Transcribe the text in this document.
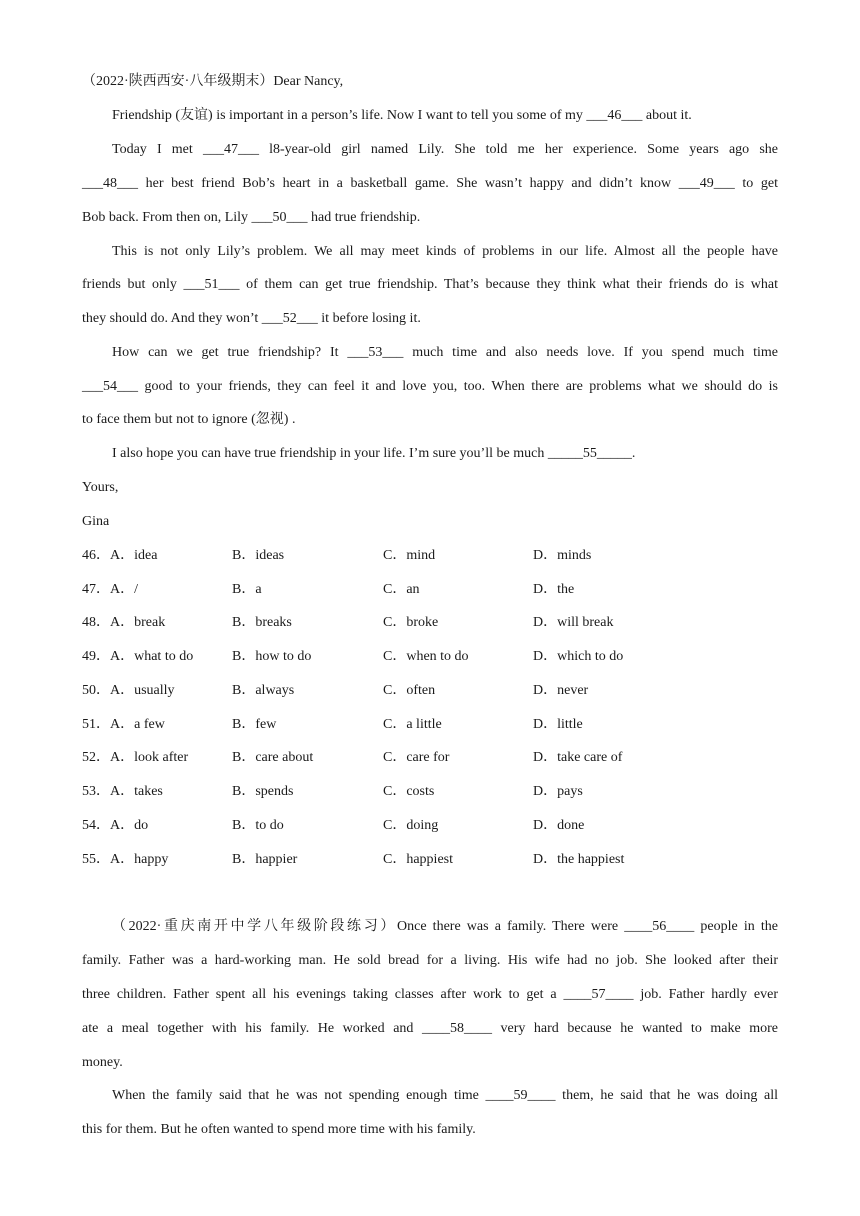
（2022·陕西西安·八年级期末）Dear Nancy,
Friendship (友谊) is important in a person’s life. Now I want to tell you some of my ___46___ about it.
Today I met ___47___ l8-year-old girl named Lily. She told me her experience. Some years ago she
___48___ her best friend Bob’s heart in a basketball game. She wasn’t happy and didn’t know ___49___ to get
Bob back. From then on, Lily ___50___ had true friendship.
This is not only Lily’s problem. We all may meet kinds of problems in our life. Almost all the people have
friends but only ___51___ of them can get true friendship. That’s because they think what their friends do is what
they should do. And they won’t ___52___ it before losing it.
How can we get true friendship? It ___53___ much time and also needs love. If you spend much time
___54___ good to your friends, they can feel it and love you, too. When there are problems what we should do is
to face them but not to ignore (忽视) .
I also hope you can have true friendship in your life. I’m sure you’ll be much _____55_____.
Yours,
Gina
46．A．idea	B．ideas	C．mind	D．minds
47．A．/	B．a	C．an	D．the
48．A．break	B．breaks	C．broke	D．will break
49．A．what to do	B．how to do	C．when to do	D．which to do
50．A．usually	B．always	C．often	D．never
51．A．a few	B．few	C．a little	D．little
52．A．look after	B．care about	C．care for	D．take care of
53．A．takes	B．spends	C．costs	D．pays
54．A．do	B．to do	C．doing	D．done
55．A．happy	B．happier	C．happiest	D．the happiest
（2022·重庆南开中学八年级阶段练习）Once there was a family. There were ____56____ people in the
family. Father was a hard-working man. He sold bread for a living. His wife had no job. She looked after their
three children. Father spent all his evenings taking classes after work to get a ____57____ job. Father hardly ever
ate a meal together with his family. He worked and ____58____ very hard because he wanted to make more
money.
When the family said that he was not spending enough time ____59____ them, he said that he was doing all
this for them. But he often wanted to spend more time with his family.
